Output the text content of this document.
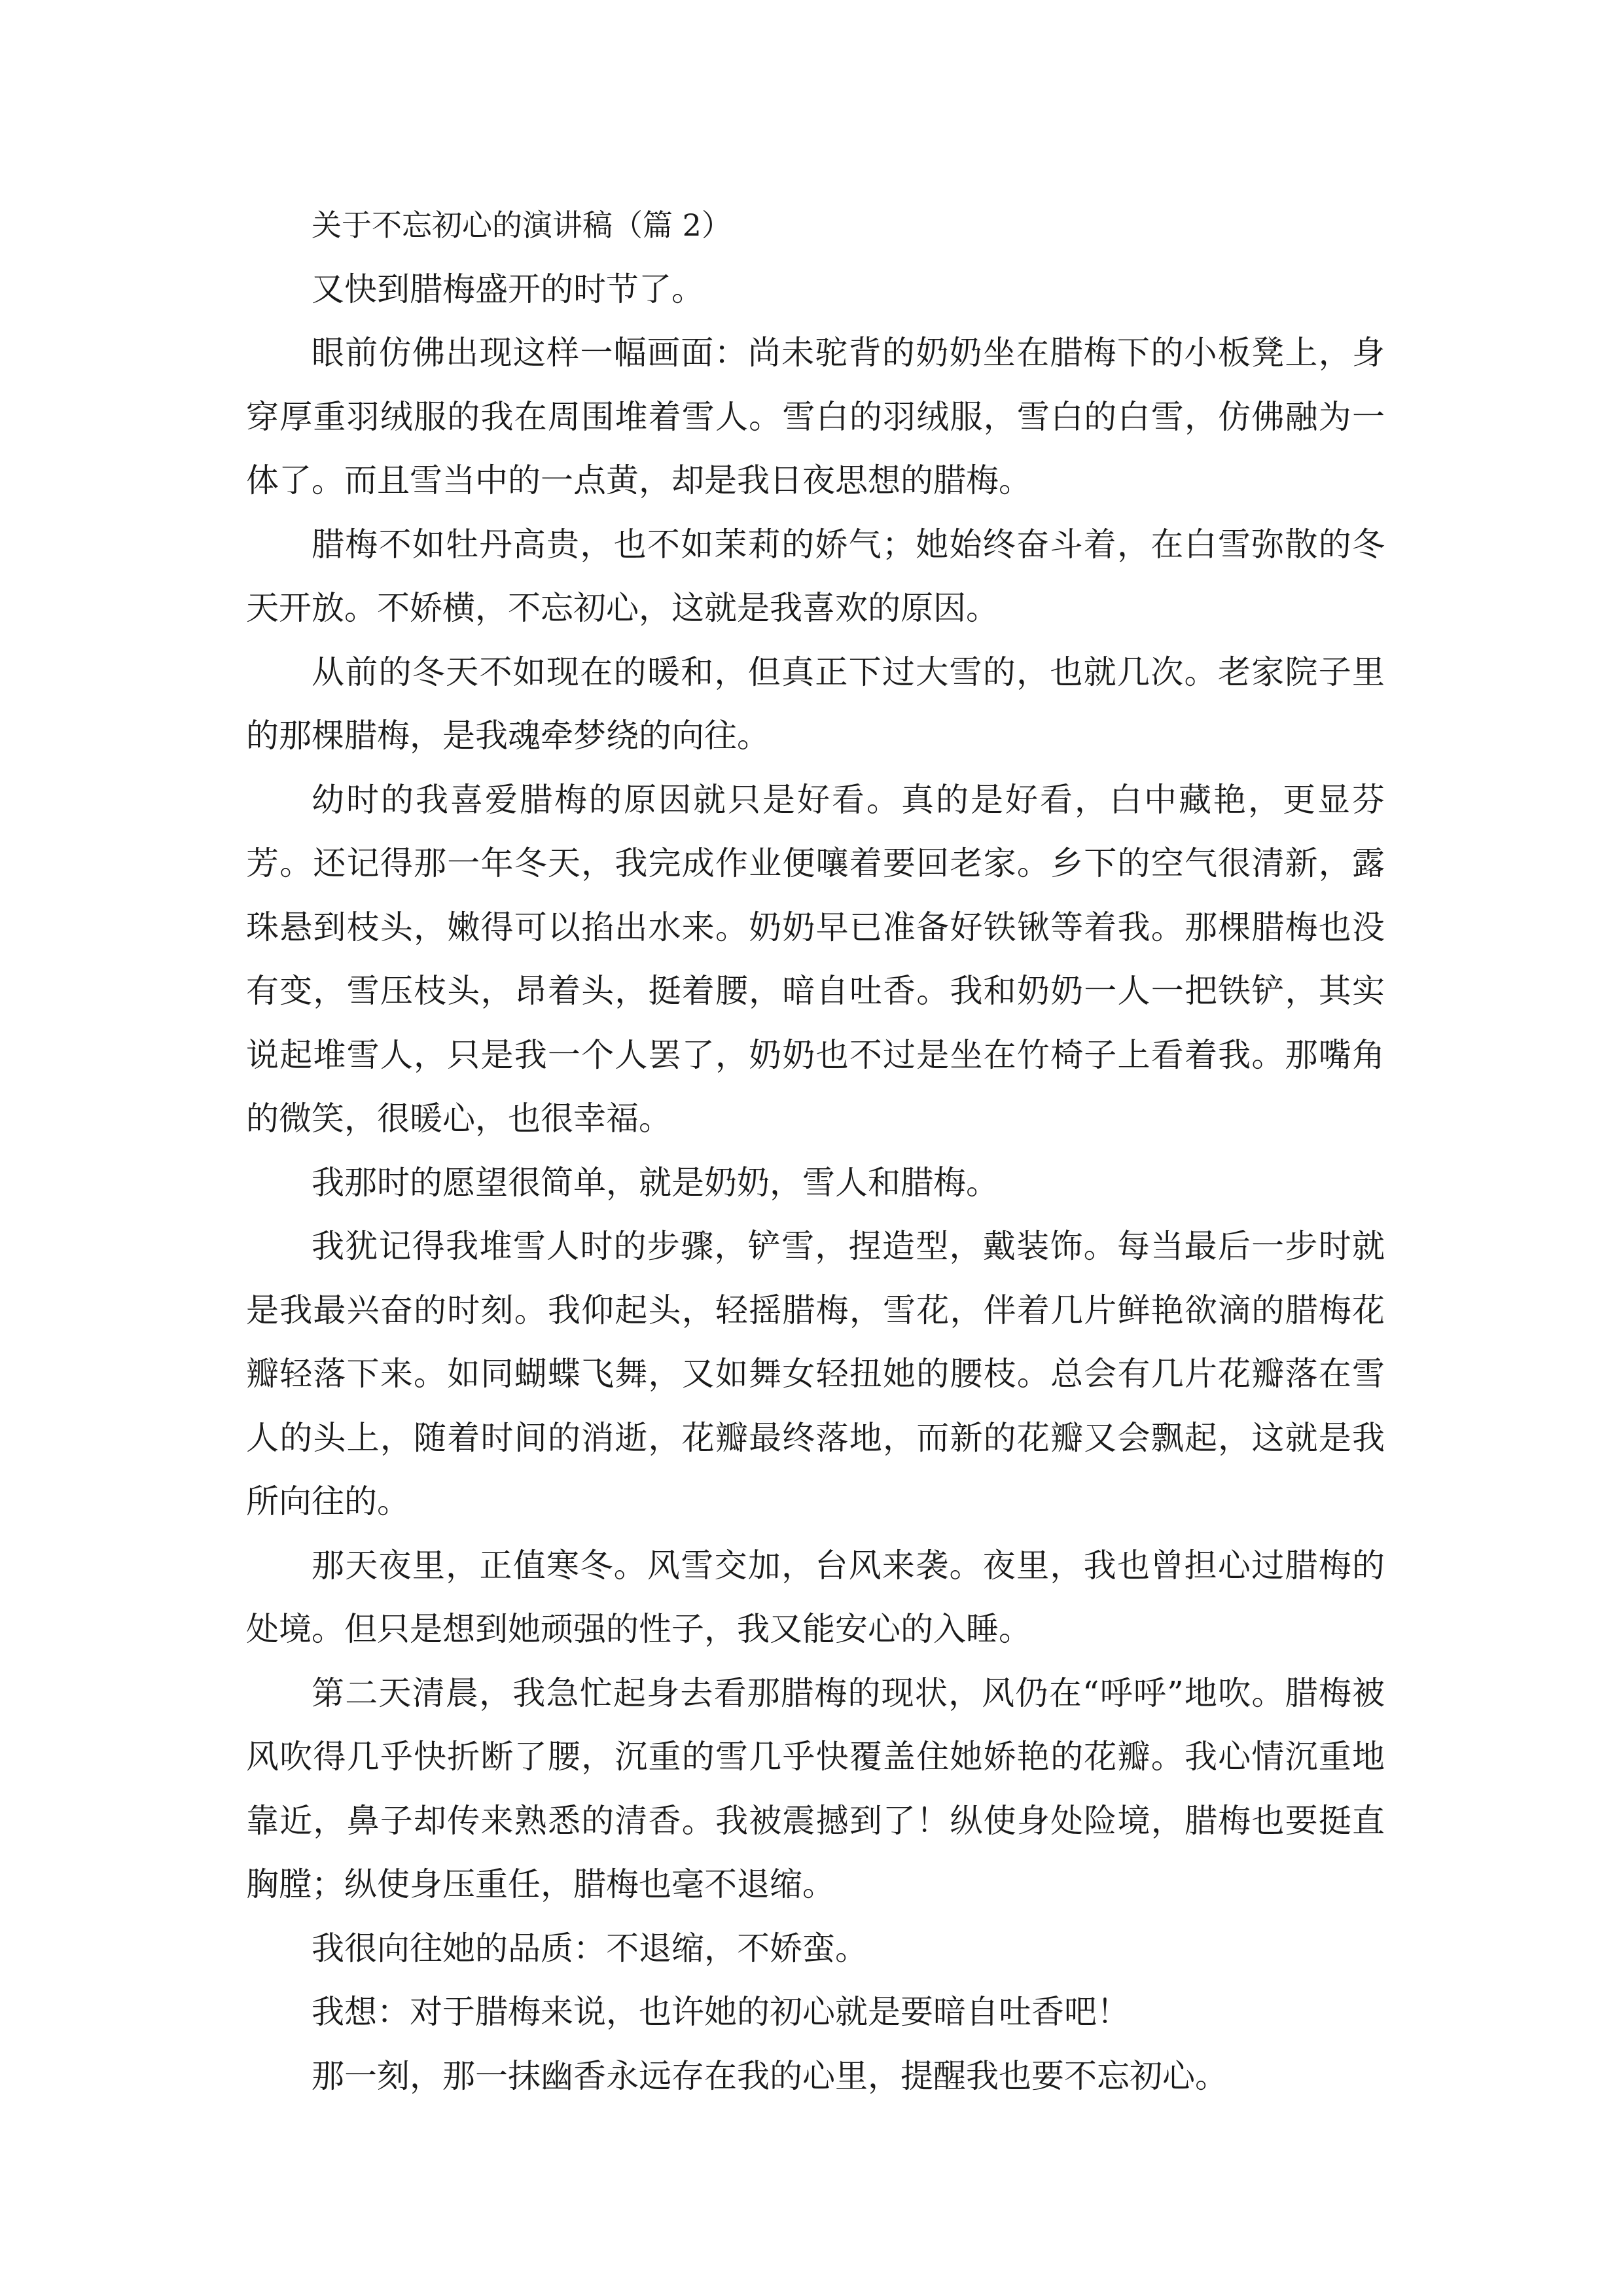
关于不忘初心的演讲稿（篇 2）

又快到腊梅盛开的时节了。

眼前仿佛出现这样一幅画面：尚未驼背的奶奶坐在腊梅下的小板凳上，身穿厚重羽绒服的我在周围堆着雪人。雪白的羽绒服，雪白的白雪，仿佛融为一体了。而且雪当中的一点黄，却是我日夜思想的腊梅。

腊梅不如牡丹高贵，也不如茉莉的娇气；她始终奋斗着，在白雪弥散的冬天开放。不娇横，不忘初心，这就是我喜欢的原因。

从前的冬天不如现在的暖和，但真正下过大雪的，也就几次。老家院子里的那棵腊梅，是我魂牵梦绕的向往。

幼时的我喜爱腊梅的原因就只是好看。真的是好看，白中藏艳，更显芬芳。还记得那一年冬天，我完成作业便嚷着要回老家。乡下的空气很清新，露珠悬到枝头，嫩得可以掐出水来。奶奶早已准备好铁锹等着我。那棵腊梅也没有变，雪压枝头，昂着头，挺着腰，暗自吐香。我和奶奶一人一把铁铲，其实说起堆雪人，只是我一个人罢了，奶奶也不过是坐在竹椅子上看着我。那嘴角的微笑，很暖心，也很幸福。

我那时的愿望很简单，就是奶奶，雪人和腊梅。

我犹记得我堆雪人时的步骤，铲雪，捏造型，戴装饰。每当最后一步时就是我最兴奋的时刻。我仰起头，轻摇腊梅，雪花，伴着几片鲜艳欲滴的腊梅花瓣轻落下来。如同蝴蝶飞舞，又如舞女轻扭她的腰枝。总会有几片花瓣落在雪人的头上，随着时间的消逝，花瓣最终落地，而新的花瓣又会飘起，这就是我所向往的。

那天夜里，正值寒冬。风雪交加，台风来袭。夜里，我也曾担心过腊梅的处境。但只是想到她顽强的性子，我又能安心的入睡。

第二天清晨，我急忙起身去看那腊梅的现状，风仍在“呼呼”地吹。腊梅被风吹得几乎快折断了腰，沉重的雪几乎快覆盖住她娇艳的花瓣。我心情沉重地靠近，鼻子却传来熟悉的清香。我被震撼到了！纵使身处险境，腊梅也要挺直胸膛；纵使身压重任，腊梅也毫不退缩。

我很向往她的品质：不退缩，不娇蛮。

我想：对于腊梅来说，也许她的初心就是要暗自吐香吧！

那一刻，那一抹幽香永远存在我的心里，提醒我也要不忘初心。
